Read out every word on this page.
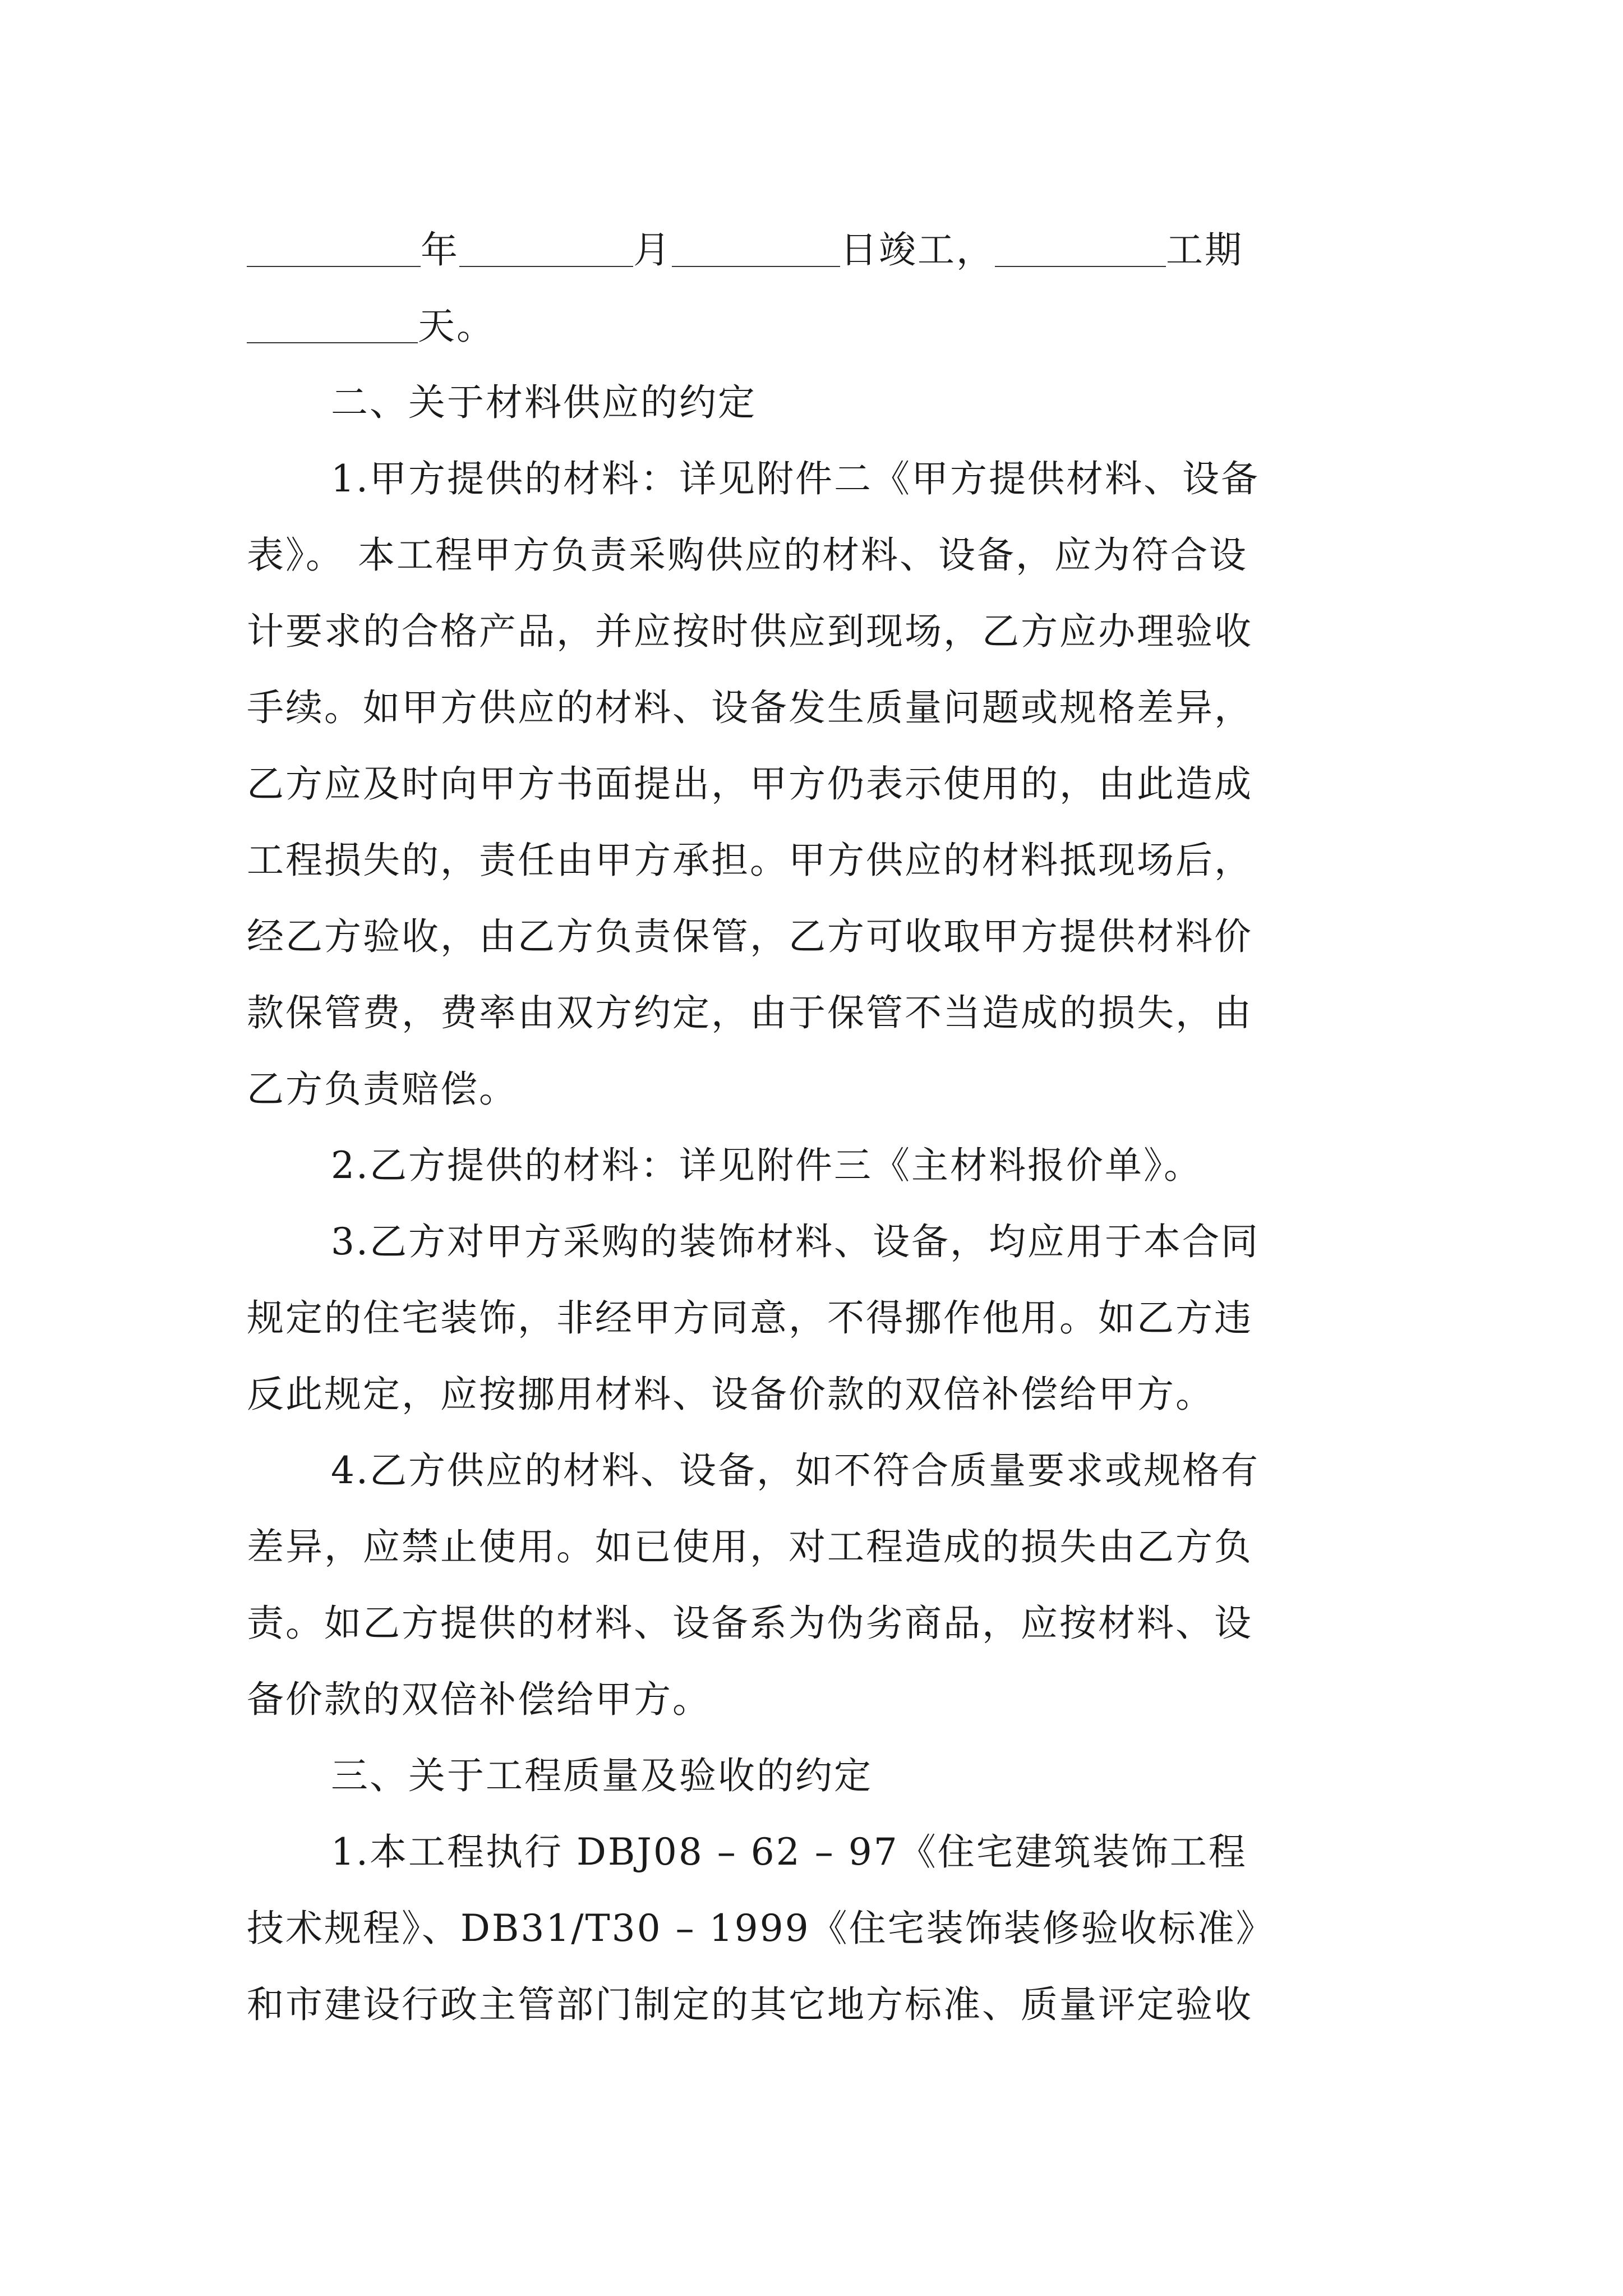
年	月	日竣工，	工期
天。
二、关于材料供应的约定
1.甲方提供的材料：详见附件二《甲方提供材料、设备
表》。 本工程甲方负责采购供应的材料、设备，应为符合设
计要求的合格产品，并应按时供应到现场，乙方应办理验收
手续。如甲方供应的材料、设备发生质量问题或规格差异，
乙方应及时向甲方书面提出，甲方仍表示使用的，由此造成
工程损失的，责任由甲方承担。甲方供应的材料抵现场后，
经乙方验收，由乙方负责保管，乙方可收取甲方提供材料价
款保管费，费率由双方约定，由于保管不当造成的损失，由
乙方负责赔偿。
2.乙方提供的材料：详见附件三《主材料报价单》。
3.乙方对甲方采购的装饰材料、设备，均应用于本合同
规定的住宅装饰，非经甲方同意，不得挪作他用。如乙方违
反此规定，应按挪用材料、设备价款的双倍补偿给甲方。
4.乙方供应的材料、设备，如不符合质量要求或规格有
差异，应禁止使用。如已使用，对工程造成的损失由乙方负
责。如乙方提供的材料、设备系为伪劣商品，应按材料、设
备价款的双倍补偿给甲方。
三、关于工程质量及验收的约定
1.本工程执行 DBJ08 – 62 – 97《住宅建筑装饰工程
技术规程》、DB31/T30 – 1999《住宅装饰装修验收标准》
和市建设行政主管部门制定的其它地方标准、质量评定验收
